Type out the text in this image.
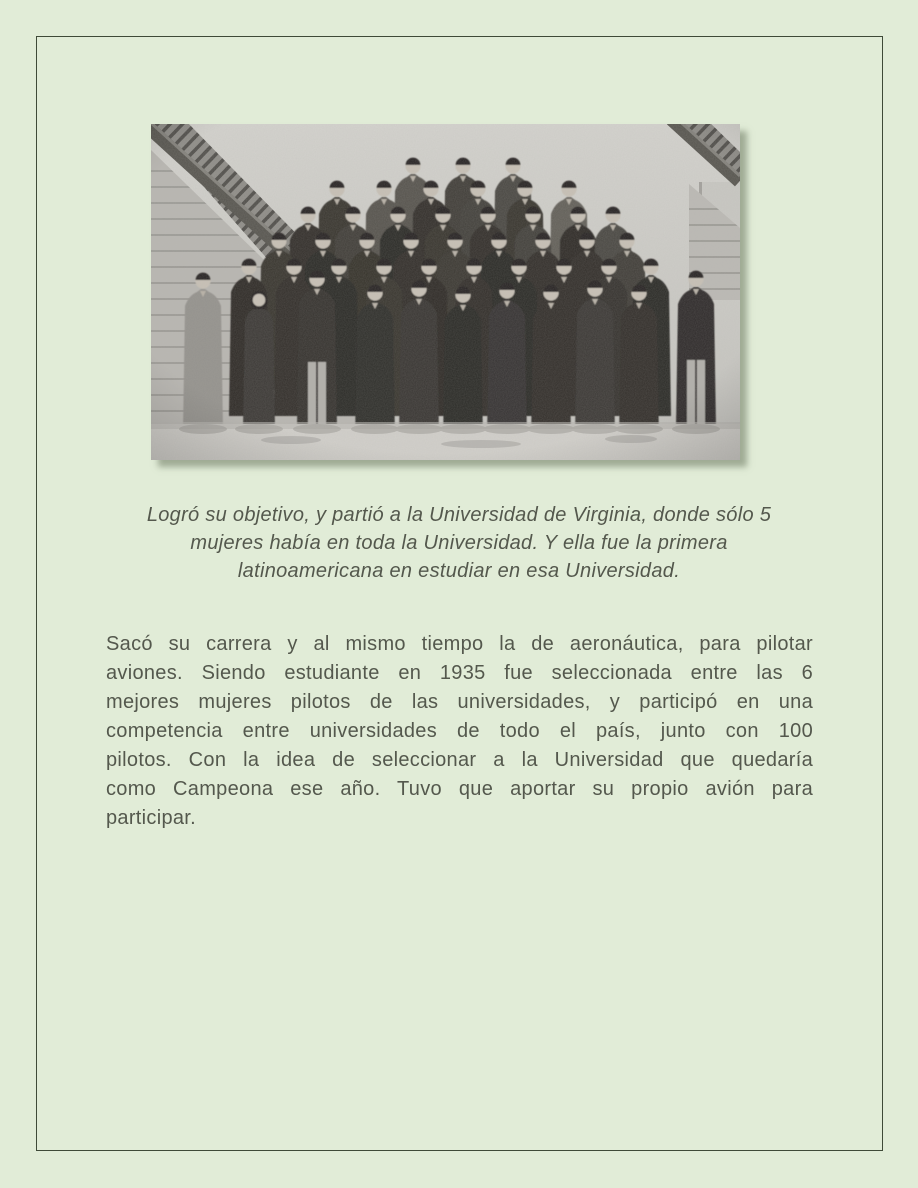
Logró su objetivo, y partió a la Universidad de Virginia, donde sólo 5
mujeres había en toda la Universidad. Y ella fue la primera
latinoamericana en estudiar en esa Universidad.
Sacó su carrera y al mismo tiempo la de aeronáutica, para pilotar
aviones. Siendo estudiante en 1935 fue seleccionada entre las 6
mejores mujeres pilotos de las universidades, y participó en una
competencia entre universidades de todo el país, junto con 100
pilotos. Con la idea de seleccionar a la Universidad que quedaría
como Campeona ese año. Tuvo que aportar su propio avión para
participar.
